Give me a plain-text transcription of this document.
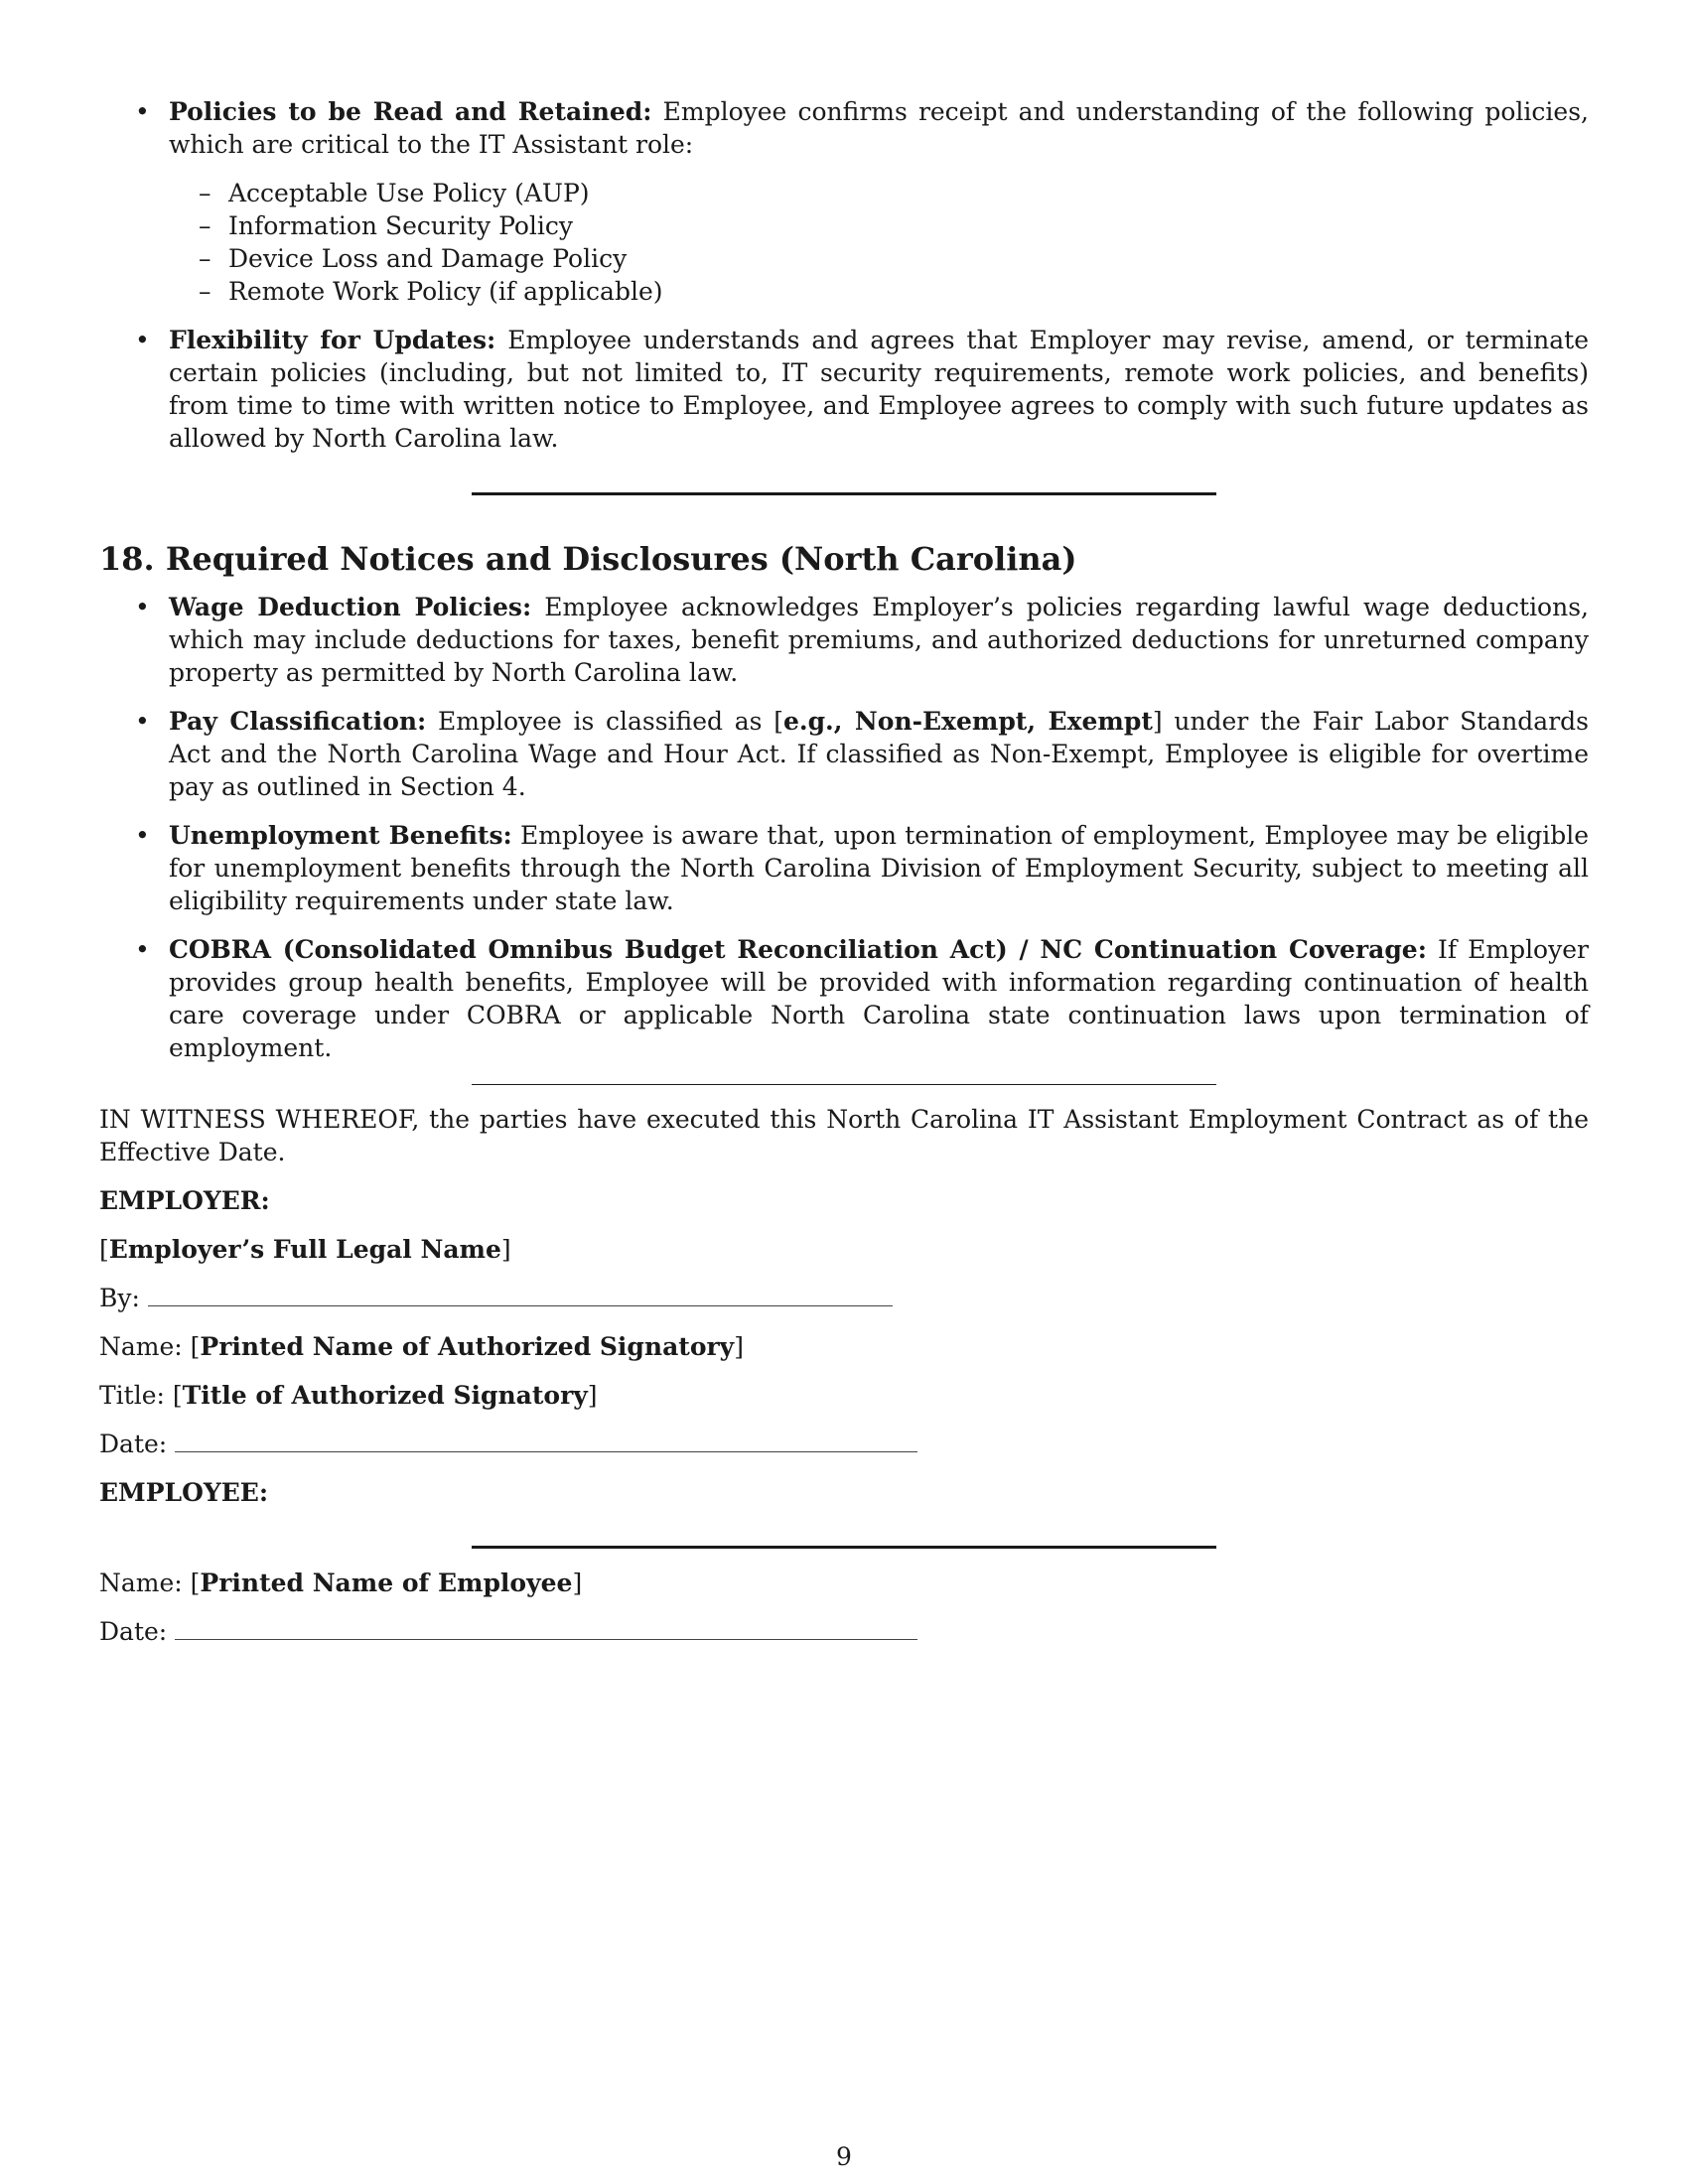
• Policies to be Read and Retained: Employee confirms receipt and understanding of the following policies, which are critical to the IT Assistant role:
– Acceptable Use Policy (AUP)
– Information Security Policy
– Device Loss and Damage Policy
– Remote Work Policy (if applicable)
• Flexibility for Updates: Employee understands and agrees that Employer may revise, amend, or terminate certain policies (including, but not limited to, IT security requirements, remote work policies, and benefits) from time to time with written notice to Employee, and Employee agrees to comply with such future updates as allowed by North Carolina law.
18. Required Notices and Disclosures (North Carolina)
• Wage Deduction Policies: Employee acknowledges Employer’s policies regarding lawful wage deductions, which may include deductions for taxes, benefit premiums, and authorized deductions for unreturned company property as permitted by North Carolina law.
• Pay Classification: Employee is classified as [e.g., Non-Exempt, Exempt] under the Fair Labor Standards Act and the North Carolina Wage and Hour Act. If classified as Non-Exempt, Employee is eligible for overtime pay as outlined in Section 4.
• Unemployment Benefits: Employee is aware that, upon termination of employment, Employee may be eligible for unemployment benefits through the North Carolina Division of Employment Security, subject to meeting all eligibility requirements under state law.
• COBRA (Consolidated Omnibus Budget Reconciliation Act) / NC Continuation Coverage: If Employer provides group health benefits, Employee will be provided with information regarding continuation of health care coverage under COBRA or applicable North Carolina state continuation laws upon termination of employment.

IN WITNESS WHEREOF, the parties have executed this North Carolina IT Assistant Employment Contract as of the Effective Date.

EMPLOYER:

[Employer’s Full Legal Name]

By:

Name: [Printed Name of Authorized Signatory]

Title: [Title of Authorized Signatory]

Date:

EMPLOYEE:

Name: [Printed Name of Employee]

Date:

9
